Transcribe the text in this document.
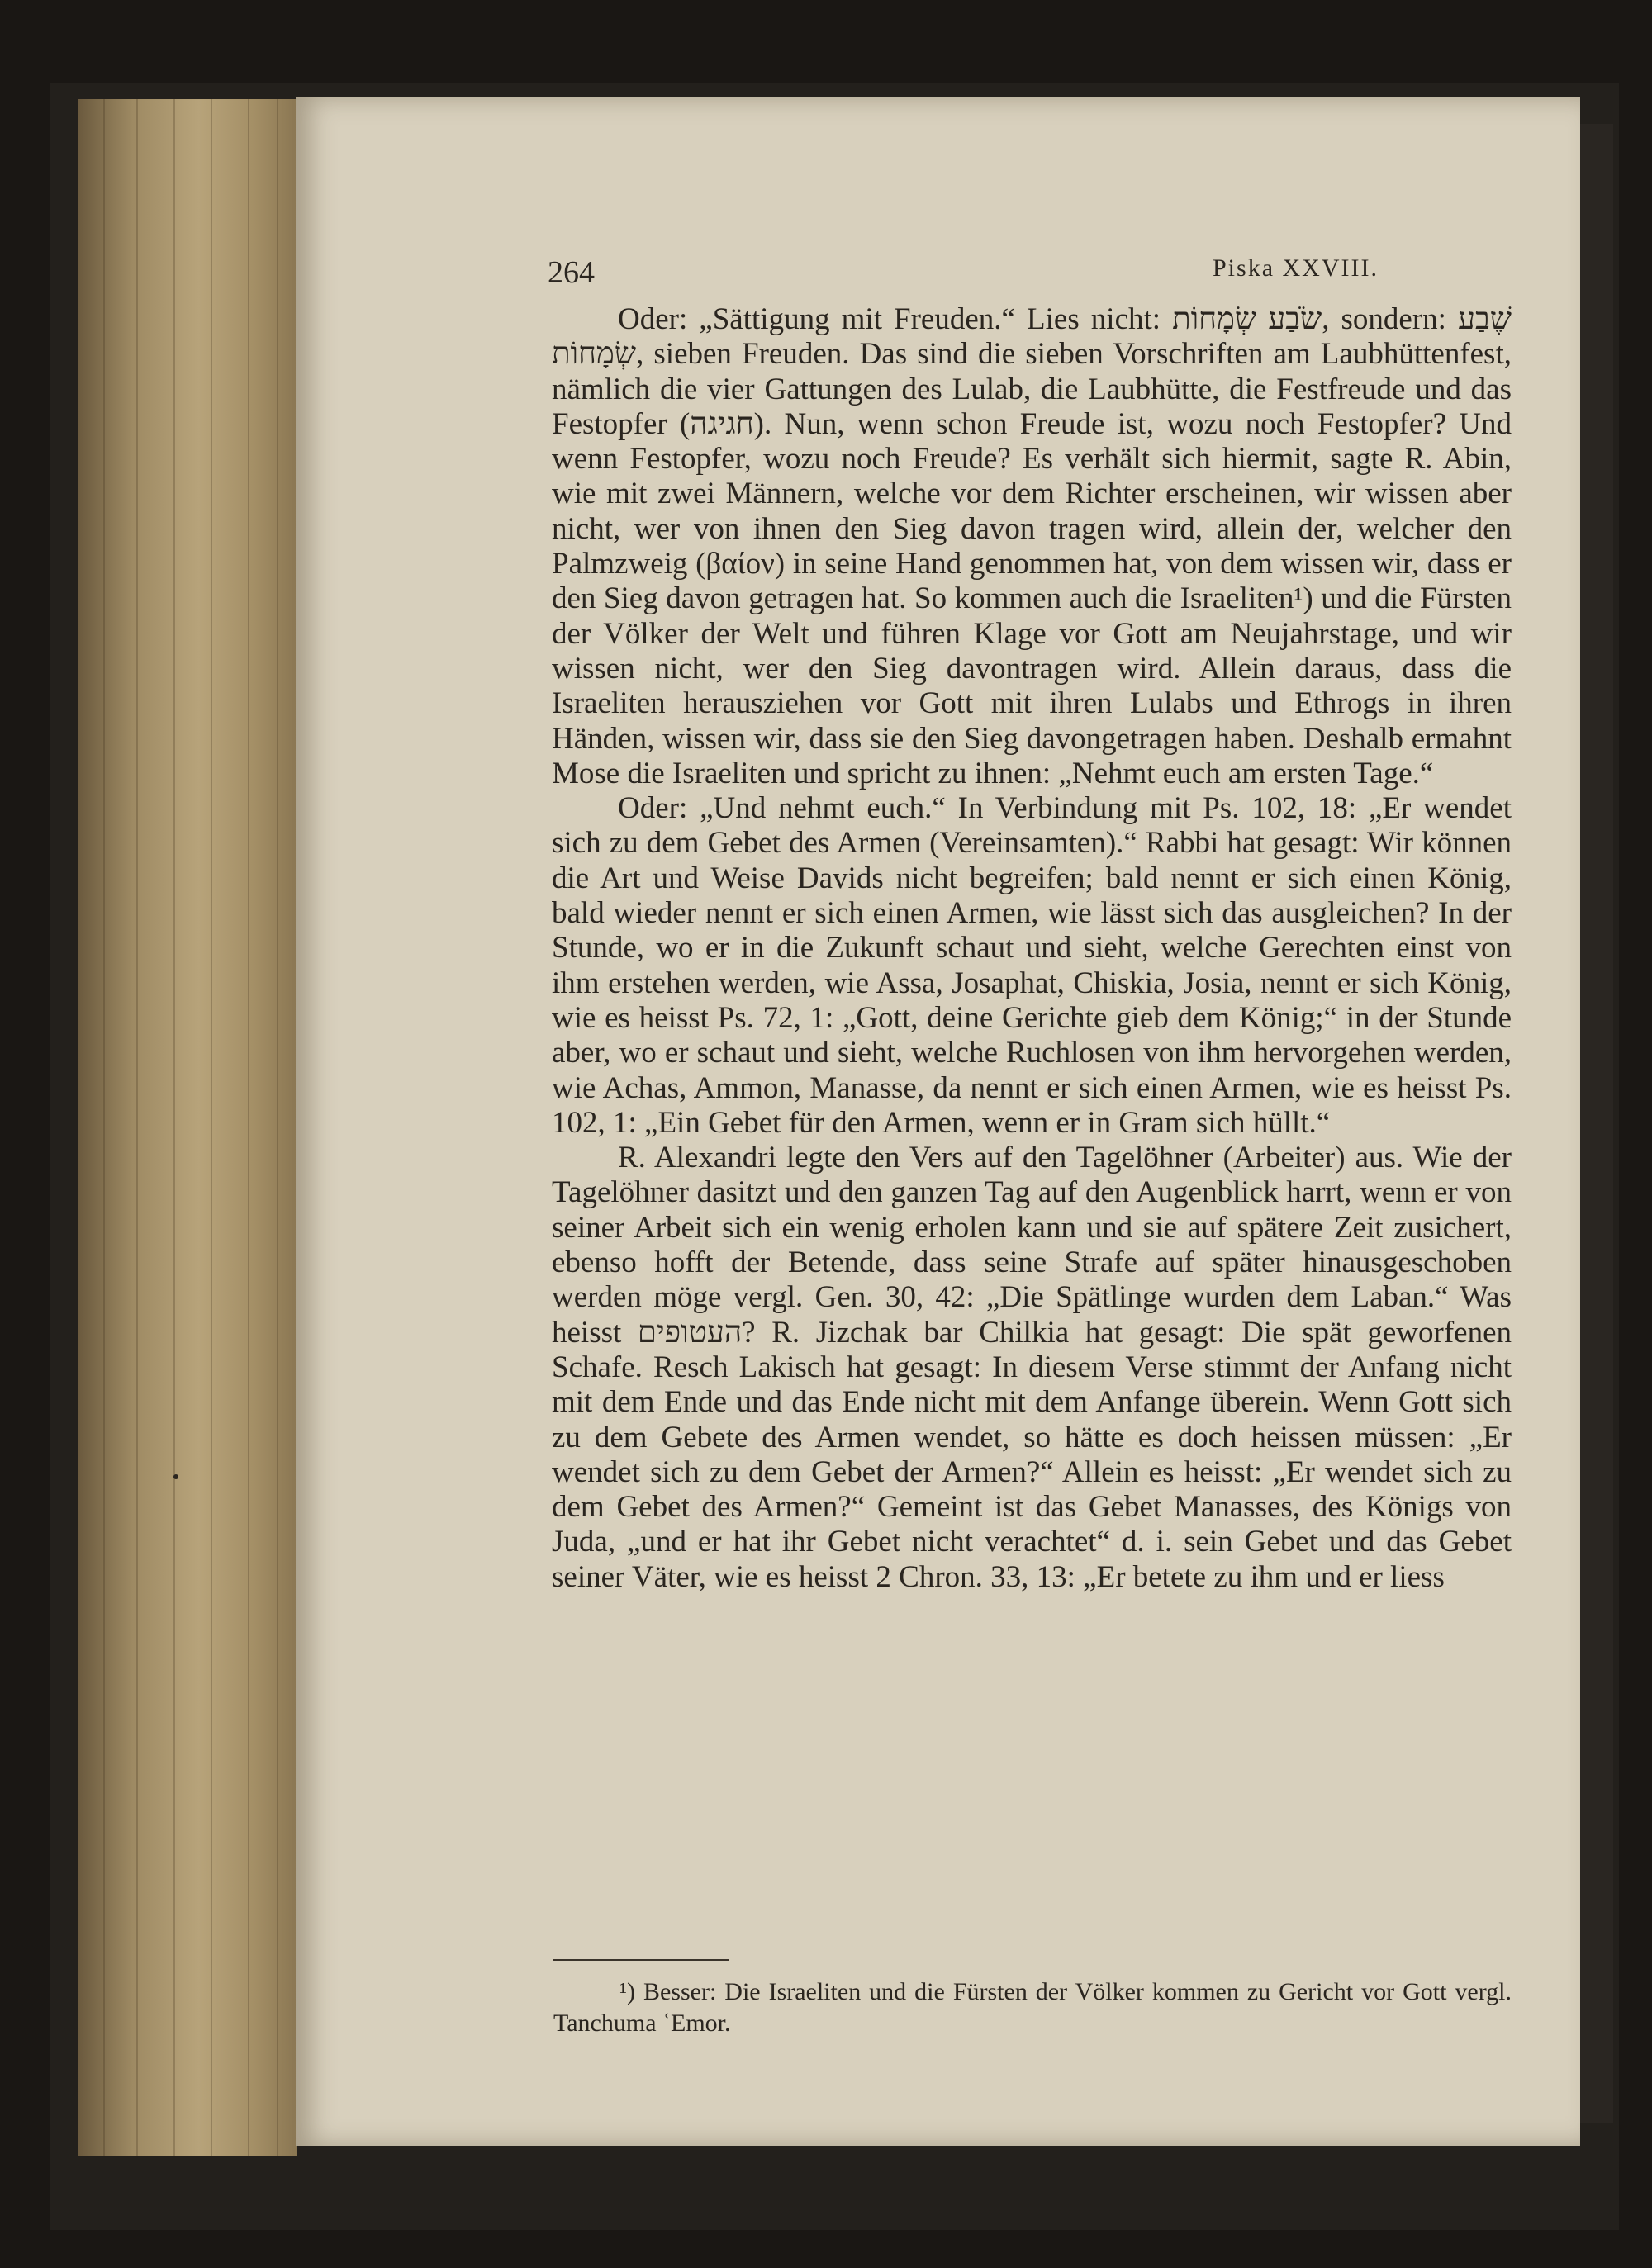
264	Piska XXVIII.

Oder: „Sättigung mit Freuden.“ Lies nicht: שֹׂבַע שְׂמָחוֹת, sondern: שֶׁבַע שְׂמָחוֹת, sieben Freuden. Das sind die sieben Vorschriften am Laubhüttenfest, nämlich die vier Gattungen des Lulab, die Laubhütte, die Festfreude und das Festopfer (חגיגה). Nun, wenn schon Freude ist, wozu noch Festopfer? Und wenn Festopfer, wozu noch Freude? Es verhält sich hiermit, sagte R. Abin, wie mit zwei Männern, welche vor dem Richter erscheinen, wir wissen aber nicht, wer von ihnen den Sieg davon tragen wird, allein der, welcher den Palmzweig (βαίον) in seine Hand genommen hat, von dem wissen wir, dass er den Sieg davon getragen hat. So kommen auch die Israeliten¹) und die Fürsten der Völker der Welt und führen Klage vor Gott am Neujahrstage, und wir wissen nicht, wer den Sieg davontragen wird. Allein daraus, dass die Israeliten herausziehen vor Gott mit ihren Lulabs und Ethrogs in ihren Händen, wissen wir, dass sie den Sieg davongetragen haben. Deshalb ermahnt Mose die Israeliten und spricht zu ihnen: „Nehmt euch am ersten Tage.“

Oder: „Und nehmt euch.“ In Verbindung mit Ps. 102, 18: „Er wendet sich zu dem Gebet des Armen (Vereinsamten).“ Rabbi hat gesagt: Wir können die Art und Weise Davids nicht begreifen; bald nennt er sich einen König, bald wieder nennt er sich einen Armen, wie lässt sich das ausgleichen? In der Stunde, wo er in die Zukunft schaut und sieht, welche Gerechten einst von ihm erstehen werden, wie Assa, Josaphat, Chiskia, Josia, nennt er sich König, wie es heisst Ps. 72, 1: „Gott, deine Gerichte gieb dem König;“ in der Stunde aber, wo er schaut und sieht, welche Ruchlosen von ihm hervorgehen werden, wie Achas, Ammon, Manasse, da nennt er sich einen Armen, wie es heisst Ps. 102, 1: „Ein Gebet für den Armen, wenn er in Gram sich hüllt.“

R. Alexandri legte den Vers auf den Tagelöhner (Arbeiter) aus. Wie der Tagelöhner dasitzt und den ganzen Tag auf den Augenblick harrt, wenn er von seiner Arbeit sich ein wenig erholen kann und sie auf spätere Zeit zusichert, ebenso hofft der Betende, dass seine Strafe auf später hinausgeschoben werden möge vergl. Gen. 30, 42: „Die Spätlinge wurden dem Laban.“ Was heisst העטופים? R. Jizchak bar Chilkia hat gesagt: Die spät geworfenen Schafe. Resch Lakisch hat gesagt: In diesem Verse stimmt der Anfang nicht mit dem Ende und das Ende nicht mit dem Anfange überein. Wenn Gott sich zu dem Gebete des Armen wendet, so hätte es doch heissen müssen: „Er wendet sich zu dem Gebet der Armen?“ Allein es heisst: „Er wendet sich zu dem Gebet des Armen?“ Gemeint ist das Gebet Manasses, des Königs von Juda, „und er hat ihr Gebet nicht verachtet“ d. i. sein Gebet und das Gebet seiner Väter, wie es heisst 2 Chron. 33, 13: „Er betete zu ihm und er liess

¹) Besser: Die Israeliten und die Fürsten der Völker kommen zu Gericht vor Gott vergl. Tanchuma ʿEmor.
